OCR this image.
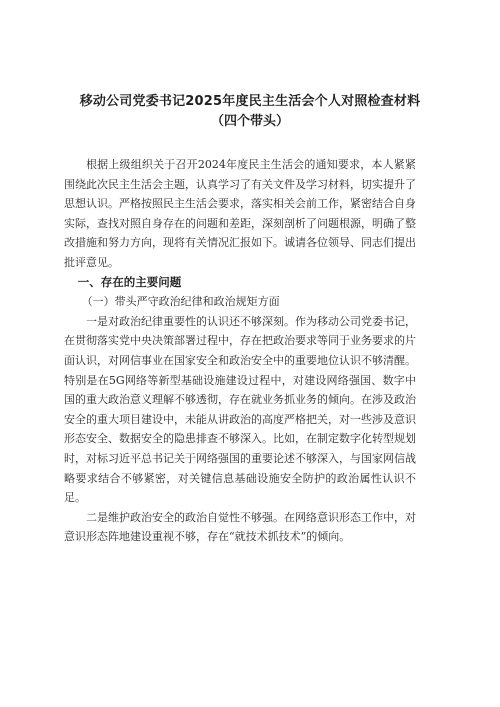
移动公司党委书记2025年度民主生活会个人对照检查材料
（四个带头）

根据上级组织关于召开2024年度民主生活会的通知要求，本人紧紧围绕此次民主生活会主题，认真学习了有关文件及学习材料，切实提升了思想认识。严格按照民主生活会要求，落实相关会前工作，紧密结合自身实际，查找对照自身存在的问题和差距，深刻剖析了问题根源，明确了整改措施和努力方向，现将有关情况汇报如下。诚请各位领导、同志们提出批评意见。

一、存在的主要问题

（一）带头严守政治纪律和政治规矩方面

一是对政治纪律重要性的认识还不够深刻。作为移动公司党委书记，在贯彻落实党中央决策部署过程中，存在把政治要求等同于业务要求的片面认识，对网信事业在国家安全和政治安全中的重要地位认识不够清醒。特别是在5G网络等新型基础设施建设过程中，对建设网络强国、数字中国的重大政治意义理解不够透彻，存在就业务抓业务的倾向。在涉及政治安全的重大项目建设中，未能从讲政治的高度严格把关，对一些涉及意识形态安全、数据安全的隐患排查不够深入。比如，在制定数字化转型规划时，对标习近平总书记关于网络强国的重要论述不够深入，与国家网信战略要求结合不够紧密，对关键信息基础设施安全防护的政治属性认识不足。

二是维护政治安全的政治自觉性不够强。在网络意识形态工作中，对意识形态阵地建设重视不够，存在“就技术抓技术”的倾向。
